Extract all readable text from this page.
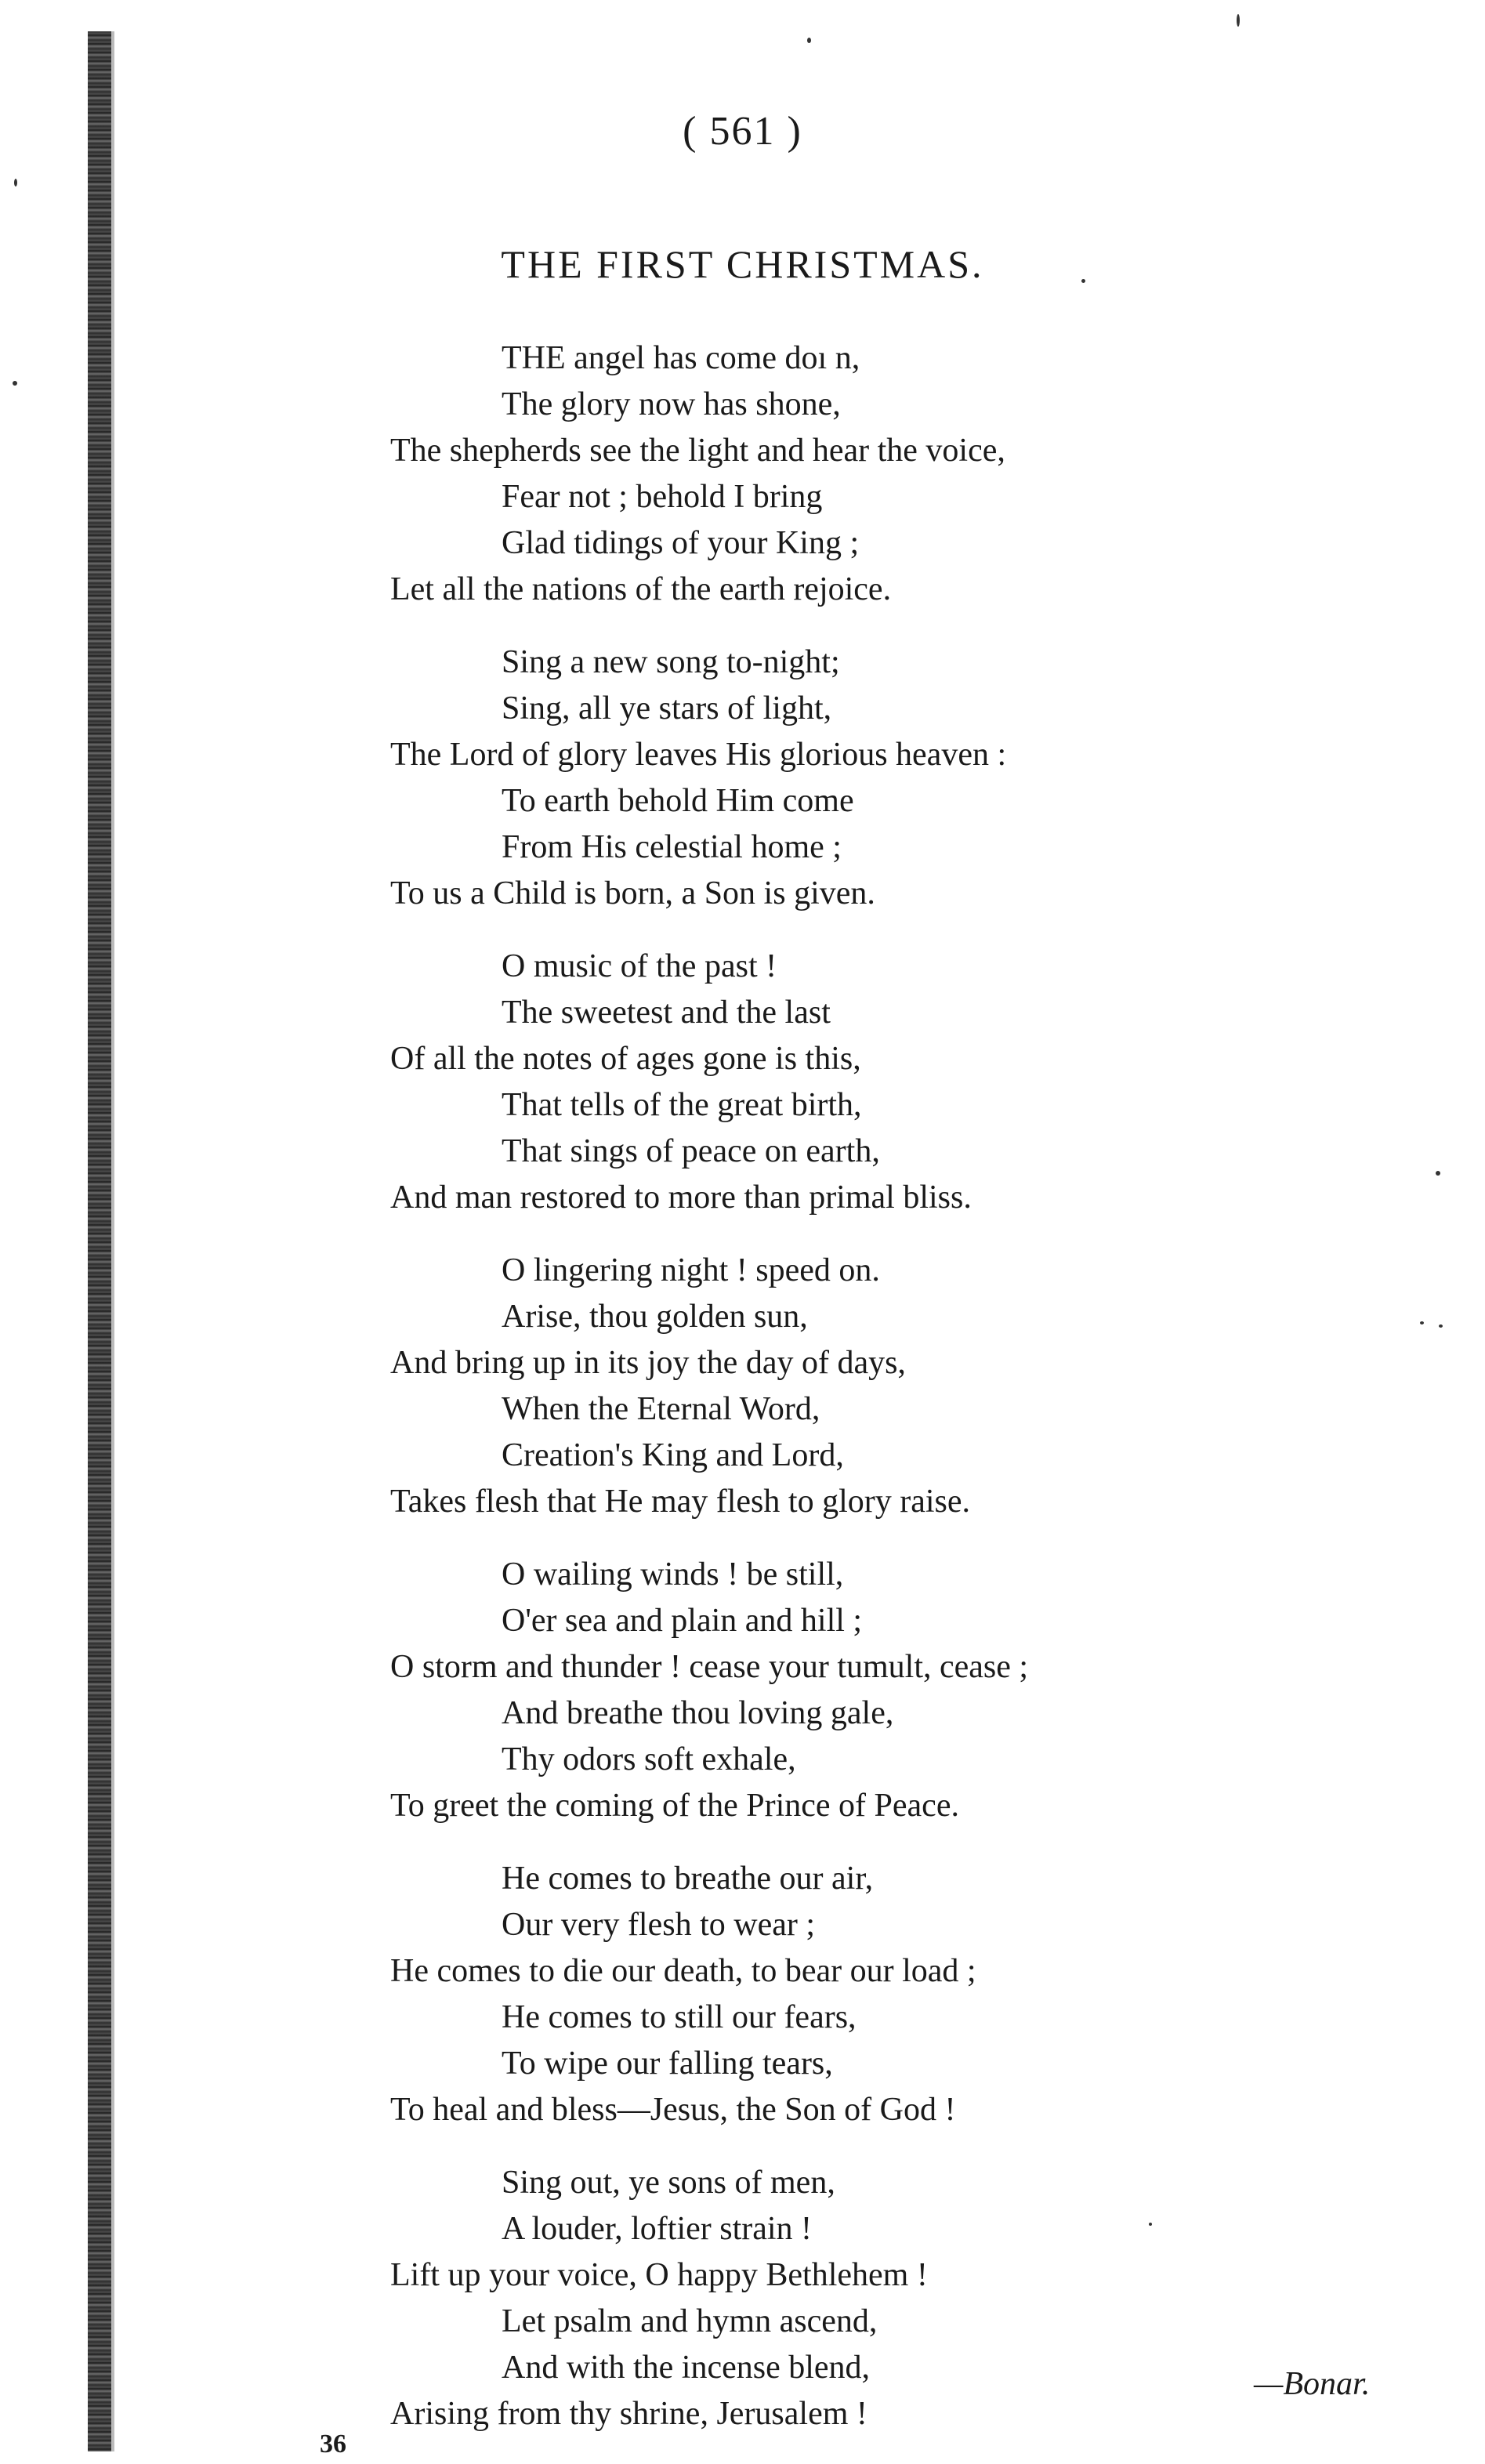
( 561 )
THE FIRST CHRISTMAS.
THE angel has come doı n,
The glory now has shone,
The shepherds see the light and hear the voice,
Fear not ; behold I bring
Glad tidings of your King ;
Let all the nations of the earth rejoice.
Sing a new song to-night;
Sing, all ye stars of light,
The Lord of glory leaves His glorious heaven :
To earth behold Him come
From His celestial home ;
To us a Child is born, a Son is given.
O music of the past !
The sweetest and the last
Of all the notes of ages gone is this,
That tells of the great birth,
That sings of peace on earth,
And man restored to more than primal bliss.
O lingering night ! speed on.
Arise, thou golden sun,
And bring up in its joy the day of days,
When the Eternal Word,
Creation's King and Lord,
Takes flesh that He may flesh to glory raise.
O wailing winds ! be still,
O'er sea and plain and hill ;
O storm and thunder ! cease your tumult, cease ;
And breathe thou loving gale,
Thy odors soft exhale,
To greet the coming of the Prince of Peace.
He comes to breathe our air,
Our very flesh to wear ;
He comes to die our death, to bear our load ;
He comes to still our fears,
To wipe our falling tears,
To heal and bless—Jesus, the Son of God !
Sing out, ye sons of men,
A louder, loftier strain !
Lift up your voice, O happy Bethlehem !
Let psalm and hymn ascend,
And with the incense blend,
Arising from thy shrine, Jerusalem !
—Bonar.
36
